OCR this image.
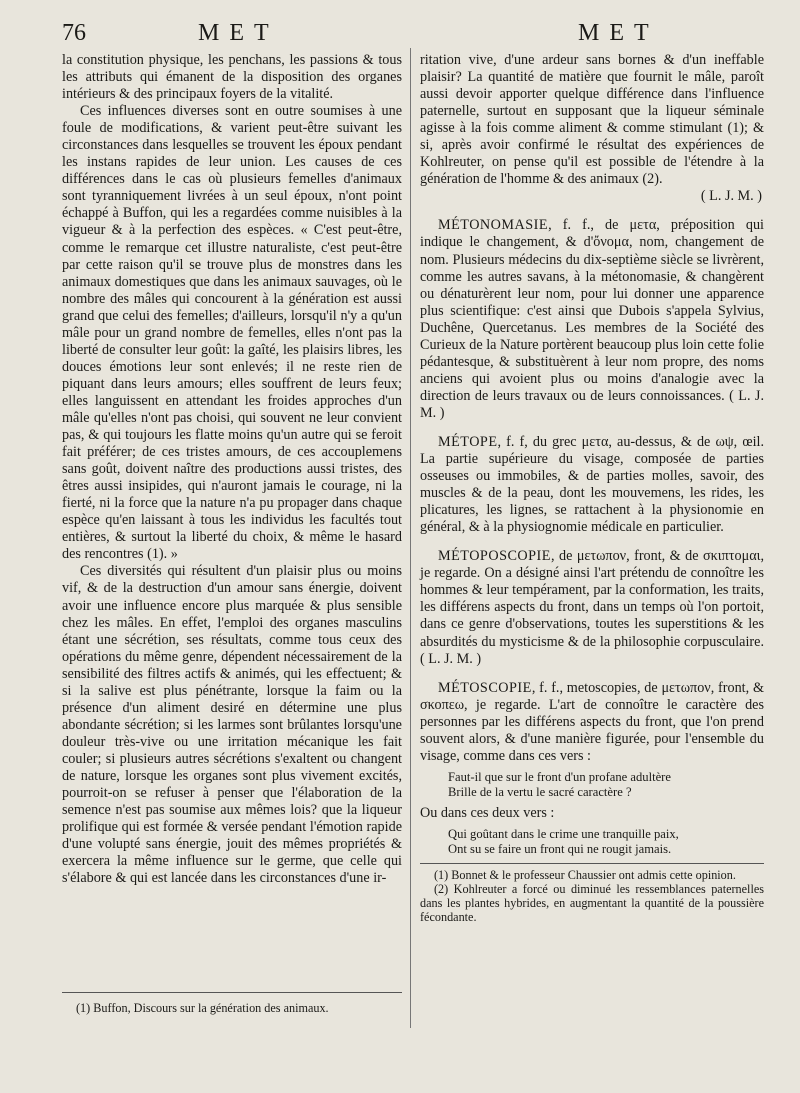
76	MET	MET

la constitution physique, les penchans, les passions & tous les attributs qui émanent de la disposition des organes intérieurs & des principaux foyers de la vitalité.

Ces influences diverses sont en outre soumises à une foule de modifications, & varient peut-être suivant les circonstances dans lesquelles se trouvent les époux pendant les instans rapides de leur union. Les causes de ces différences dans le cas où plusieurs femelles d'animaux sont tyranniquement livrées à un seul époux, n'ont point échappé à Buffon, qui les a regardées comme nuisibles à la vigueur & à la perfection des espèces. « C'est peut-être, comme le remarque cet illustre naturaliste, c'est peut-être par cette raison qu'il se trouve plus de monstres dans les animaux domestiques que dans les animaux sauvages, où le nombre des mâles qui concourent à la génération est aussi grand que celui des femelles; d'ailleurs, lorsqu'il n'y a qu'un mâle pour un grand nombre de femelles, elles n'ont pas la liberté de consulter leur goût: la gaîté, les plaisirs libres, les douces émotions leur sont enlevés; il ne reste rien de piquant dans leurs amours; elles souffrent de leurs feux; elles languissent en attendant les froides approches d'un mâle qu'elles n'ont pas choisi, qui souvent ne leur convient pas, & qui toujours les flatte moins qu'un autre qui se feroit fait préférer; de ces tristes amours, de ces accouplemens sans goût, doivent naître des productions aussi tristes, des êtres aussi insipides, qui n'auront jamais le courage, ni la fierté, ni la force que la nature n'a pu propager dans chaque espèce qu'en laissant à tous les individus les facultés tout entières, & surtout la liberté du choix, & même le hasard des rencontres (1). »

Ces diversités qui résultent d'un plaisir plus ou moins vif, & de la destruction d'un amour sans énergie, doivent avoir une influence encore plus marquée & plus sensible chez les mâles. En effet, l'emploi des organes masculins étant une sécrétion, ses résultats, comme tous ceux des opérations du même genre, dépendent nécessairement de la sensibilité des filtres actifs & animés, qui les effectuent; & si la salive est plus pénétrante, lorsque la faim ou la présence d'un aliment desiré en détermine une plus abondante sécrétion; si les larmes sont brûlantes lorsqu'une douleur très-vive ou une irritation mécanique les fait couler; si plusieurs autres sécrétions s'exaltent ou changent de nature, lorsque les organes sont plus vivement excités, pourroit-on se refuser à penser que l'élaboration de la semence n'est pas soumise aux mêmes lois? que la liqueur prolifique qui est formée & versée pendant l'émotion rapide d'une volupté sans énergie, jouit des mêmes propriétés & exercera la même influence sur le germe, que celle qui s'élabore & qui est lancée dans les circonstances d'une ir-

(1) Buffon, Discours sur la génération des animaux.

ritation vive, d'une ardeur sans bornes & d'un ineffable plaisir? La quantité de matière que fournit le mâle, paroît aussi devoir apporter quelque différence dans l'influence paternelle, surtout en supposant que la liqueur séminale agisse à la fois comme aliment & comme stimulant (1); & si, après avoir confirmé le résultat des expériences de Kohlreuter, on pense qu'il est possible de l'étendre à la génération de l'homme & des animaux (2).

( L. J. M. )

MÉTONOMASIE, f. f., de μετα, préposition qui indique le changement, & d'ὄνομα, nom, changement de nom. Plusieurs médecins du dix-septième siècle se livrèrent, comme les autres savans, à la métonomasie, & changèrent ou dénaturèrent leur nom, pour lui donner une apparence plus scientifique: c'est ainsi que Dubois s'appela Sylvius, Duchêne, Quercetanus. Les membres de la Société des Curieux de la Nature portèrent beaucoup plus loin cette folie pédantesque, & substituèrent à leur nom propre, des noms anciens qui avoient plus ou moins d'analogie avec la direction de leurs travaux ou de leurs connoissances. ( L. J. M. )

MÉTOPE, f. f, du grec μετα, au-dessus, & de ωψ, œil. La partie supérieure du visage, composée de parties osseuses ou immobiles, & de parties molles, savoir, des muscles & de la peau, dont les mouvemens, les rides, les plicatures, les lignes, se rattachent à la physionomie en général, & à la physiognomie médicale en particulier.

MÉTOPOSCOPIE, de μετωπον, front, & de σκιπτομαι, je regarde. On a désigné ainsi l'art prétendu de connoître les hommes & leur tempérament, par la conformation, les traits, les différens aspects du front, dans un temps où l'on portoit, dans ce genre d'observations, toutes les superstitions & les absurdités du mysticisme & de la philosophie corpusculaire. ( L. J. M. )

MÉTOSCOPIE, f. f., metoscopies, de μετωπον, front, & σκοπεω, je regarde. L'art de connoître le caractère des personnes par les différens aspects du front, que l'on prend souvent alors, & d'une manière figurée, pour l'ensemble du visage, comme dans ces vers :

Faut-il que sur le front d'un profane adultère
Brille de la vertu le sacré caractère ?

Ou dans ces deux vers :

Qui goûtant dans le crime une tranquille paix,
Ont su se faire un front qui ne rougit jamais.
(1) Bonnet & le professeur Chaussier ont admis cette opinion.
(2) Kohlreuter a forcé ou diminué les ressemblances paternelles dans les plantes hybrides, en augmentant la quantité de la poussière fécondante.
